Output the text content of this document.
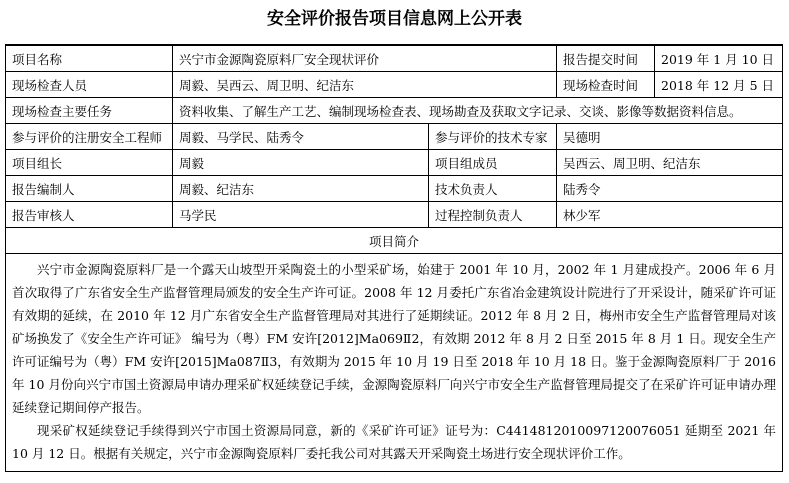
安全评价报告项目信息网上公开表
项目名称	兴宁市金源陶瓷原料厂安全现状评价		报告提交时间	2019 年 1 月 10 日
现场检查人员	周毅、吴西云、周卫明、纪洁东		现场检查时间	2018 年 12 月 5 日
现场检查主要任务	资料收集、了解生产工艺、编制现场检查表、现场勘查及获取文字记录、交谈、影像等数据资料信息。			
参与评价的注册安全工程师	周毅、马学民、陆秀令	参与评价的技术专家	吴德明	
项目组长	周毅	项目组成员	吴西云、周卫明、纪洁东	
报告编制人	周毅、纪洁东	技术负责人	陆秀令	
报告审核人	马学民	过程控制负责人	林少军	
项目简介				

兴宁市金源陶瓷原料厂是一个露天山坡型开采陶瓷土的小型采矿场，始建于 2001 年 10 月，2002 年 1 月建成投产。2006 年 6 月首次取得了广东省安全生产监督管理局颁发的安全生产许可证。2008 年 12 月委托广东省冶金建筑设计院进行了开采设计，随采矿许可证有效期的延续，在 2010 年 12 月广东省安全生产监督管理局对其进行了延期续证。2012 年 8 月 2 日，梅州市安全生产监督管理局对该矿场换发了《安全生产许可证》 编号为（粤）FM 安许[2012]Ma069Ⅱ2，有效期 2012 年 8 月 2 日至 2015 年 8 月 1 日。现安全生产许可证编号为（粤）FM 安许[2015]Ma087Ⅱ3，有效期为 2015 年 10 月 19 日至 2018 年 10 月 18 日。鉴于金源陶瓷原料厂于 2016 年 10 月份向兴宁市国土资源局申请办理采矿权延续登记手续，金源陶瓷原料厂向兴宁市安全生产监督管理局提交了在采矿许可证申请办理延续登记期间停产报告。

现采矿权延续登记手续得到兴宁市国土资源局同意，新的《采矿许可证》证号为：C4414812010097120076051 延期至 2021 年 10 月 12 日。根据有关规定，兴宁市金源陶瓷原料厂委托我公司对其露天开采陶瓷土场进行安全现状评价工作。				
